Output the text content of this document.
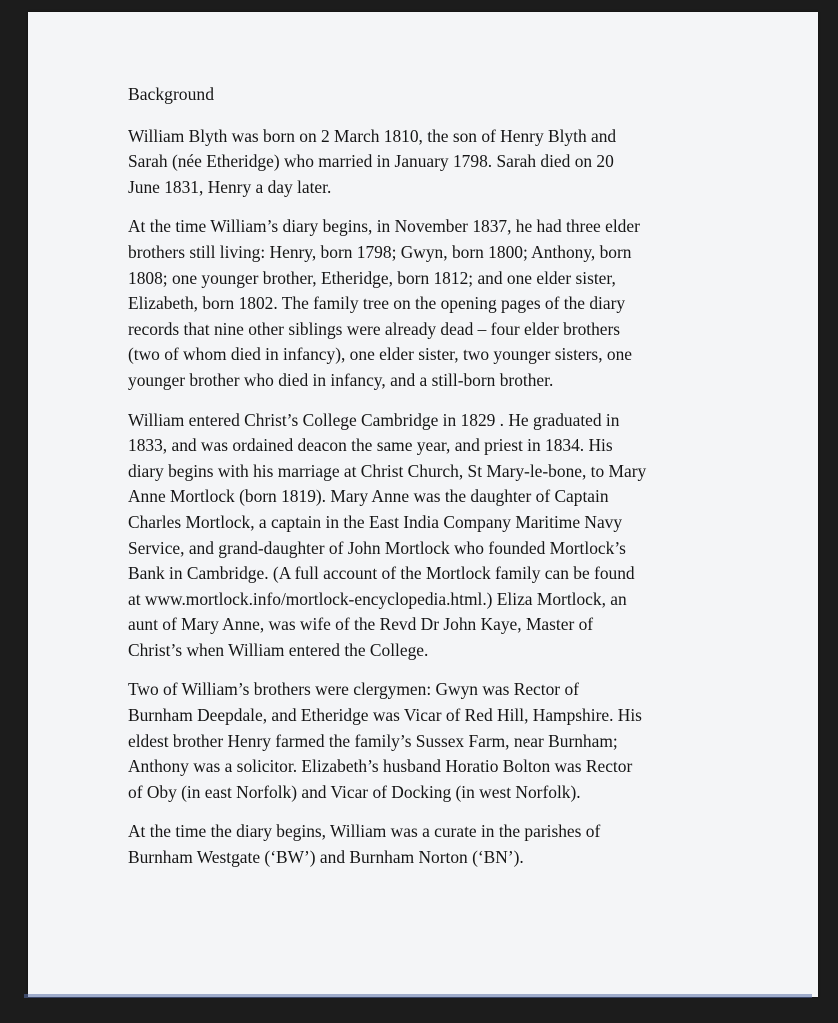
Background
William Blyth was born on 2 March 1810, the son of Henry Blyth and
Sarah (née Etheridge) who married in January 1798. Sarah died on 20
June 1831, Henry a day later.
At the time William’s diary begins, in November 1837, he had three elder
brothers still living: Henry, born 1798; Gwyn, born 1800; Anthony, born
1808; one younger brother, Etheridge, born 1812; and one elder sister,
Elizabeth, born 1802. The family tree on the opening pages of the diary
records that nine other siblings were already dead – four elder brothers
(two of whom died in infancy), one elder sister, two younger sisters, one
younger brother who died in infancy, and a still-born brother.
William entered Christ’s College Cambridge in 1829 . He graduated in
1833, and was ordained deacon the same year, and priest in 1834. His
diary begins with his marriage at Christ Church, St Mary-le-bone, to Mary
Anne Mortlock (born 1819). Mary Anne was the daughter of Captain
Charles Mortlock, a captain in the East India Company Maritime Navy
Service, and grand-daughter of John Mortlock who founded Mortlock’s
Bank in Cambridge. (A full account of the Mortlock family can be found
at www.mortlock.info/mortlock-encyclopedia.html.) Eliza Mortlock, an
aunt of Mary Anne, was wife of the Revd Dr John Kaye, Master of
Christ’s when William entered the College.
Two of William’s brothers were clergymen: Gwyn was Rector of
Burnham Deepdale, and Etheridge was Vicar of Red Hill, Hampshire. His
eldest brother Henry farmed the family’s Sussex Farm, near Burnham;
Anthony was a solicitor. Elizabeth’s husband Horatio Bolton was Rector
of Oby (in east Norfolk) and Vicar of Docking (in west Norfolk).
At the time the diary begins, William was a curate in the parishes of
Burnham Westgate (‘BW’) and Burnham Norton (‘BN’).
